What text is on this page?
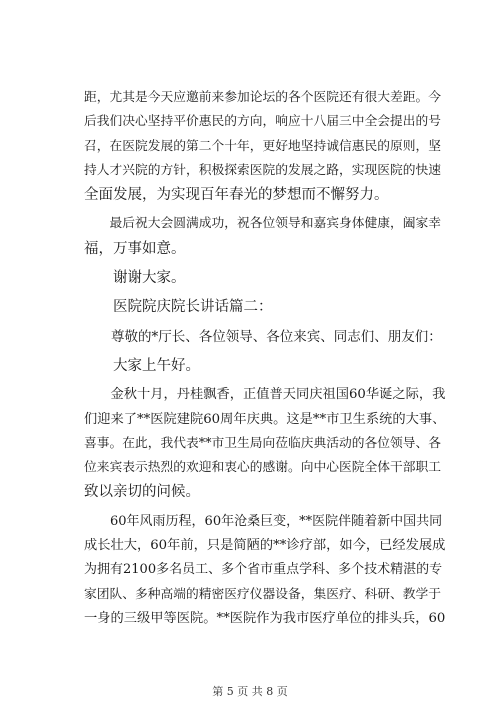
距，尤其是今天应邀前来参加论坛的各个医院还有很大差距。今
后我们决心坚持平价惠民的方向，响应十八届三中全会提出的号
召，在医院发展的第二个十年，更好地坚持诚信惠民的原则，坚
持人才兴院的方针，积极探索医院的发展之路，实现医院的快速
全面发展，为实现百年春光的梦想而不懈努力。
最后祝大会圆满成功，祝各位领导和嘉宾身体健康，阖家幸
福，万事如意。
谢谢大家。
医院院庆院长讲话篇二：
尊敬的*厅长、各位领导、各位来宾、同志们、朋友们：
大家上午好。
金秋十月，丹桂飘香，正值普天同庆祖国60华诞之际，我
们迎来了**医院建院60周年庆典。这是**市卫生系统的大事、
喜事。在此，我代表**市卫生局向莅临庆典活动的各位领导、各
位来宾表示热烈的欢迎和衷心的感谢。向中心医院全体干部职工
致以亲切的问候。
60年风雨历程，60年沧桑巨变，**医院伴随着新中国共同
成长壮大，60年前，只是简陋的**诊疗部，如今，已经发展成
为拥有2100多名员工、多个省市重点学科、多个技术精湛的专
家团队、多种高端的精密医疗仪器设备，集医疗、科研、教学于
一身的三级甲等医院。**医院作为我市医疗单位的排头兵，60
第 5 页 共 8 页
